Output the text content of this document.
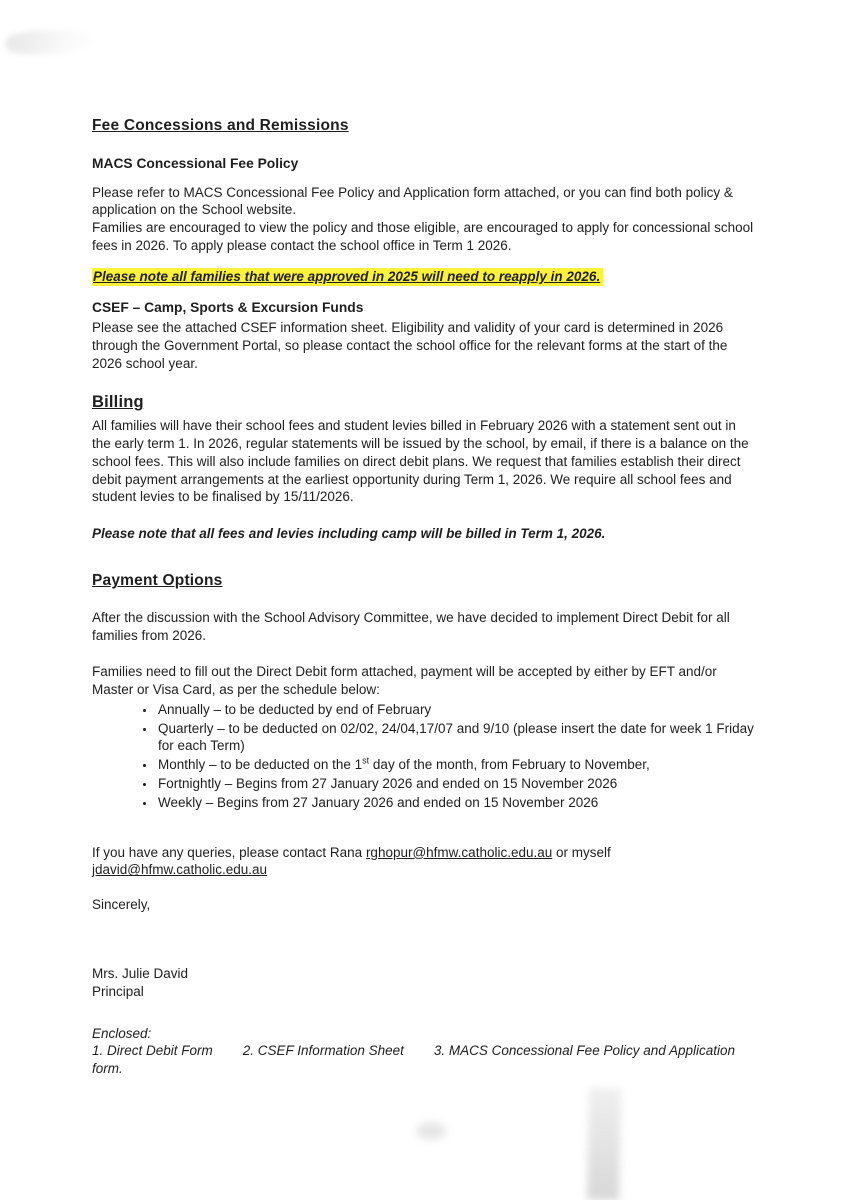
Fee Concessions and Remissions
MACS Concessional Fee Policy

Please refer to MACS Concessional Fee Policy and Application form attached, or you can find both policy & application on the School website.

Families are encouraged to view the policy and those eligible, are encouraged to apply for concessional school fees in 2026. To apply please contact the school office in Term 1 2026.

Please note all families that were approved in 2025 will need to reapply in 2026.

CSEF – Camp, Sports & Excursion Funds

Please see the attached CSEF information sheet. Eligibility and validity of your card is determined in 2026 through the Government Portal, so please contact the school office for the relevant forms at the start of the 2026 school year.

Billing

All families will have their school fees and student levies billed in February 2026 with a statement sent out in the early term 1. In 2026, regular statements will be issued by the school, by email, if there is a balance on the school fees. This will also include families on direct debit plans. We request that families establish their direct debit payment arrangements at the earliest opportunity during Term 1, 2026. We require all school fees and student levies to be finalised by 15/11/2026.

Please note that all fees and levies including camp will be billed in Term 1, 2026.

Payment Options

After the discussion with the School Advisory Committee, we have decided to implement Direct Debit for all families from 2026.

Families need to fill out the Direct Debit form attached, payment will be accepted by either by EFT and/or Master or Visa Card, as per the schedule below:

• Annually – to be deducted by end of February
• Quarterly – to be deducted on 02/02, 24/04,17/07 and 9/10 (please insert the date for week 1 Friday for each Term)
• Monthly – to be deducted on the 1st day of the month, from February to November,
• Fortnightly – Begins from 27 January 2026 and ended on 15 November 2026
• Weekly – Begins from 27 January 2026 and ended on 15 November 2026

If you have any queries, please contact Rana rghopur@hfmw.catholic.edu.au or myself
jdavid@hfmw.catholic.edu.au

Sincerely,

Mrs. Julie David

Principal

Enclosed:

1. Direct Debit Form 2. CSEF Information Sheet 3. MACS Concessional Fee Policy and Application form.
